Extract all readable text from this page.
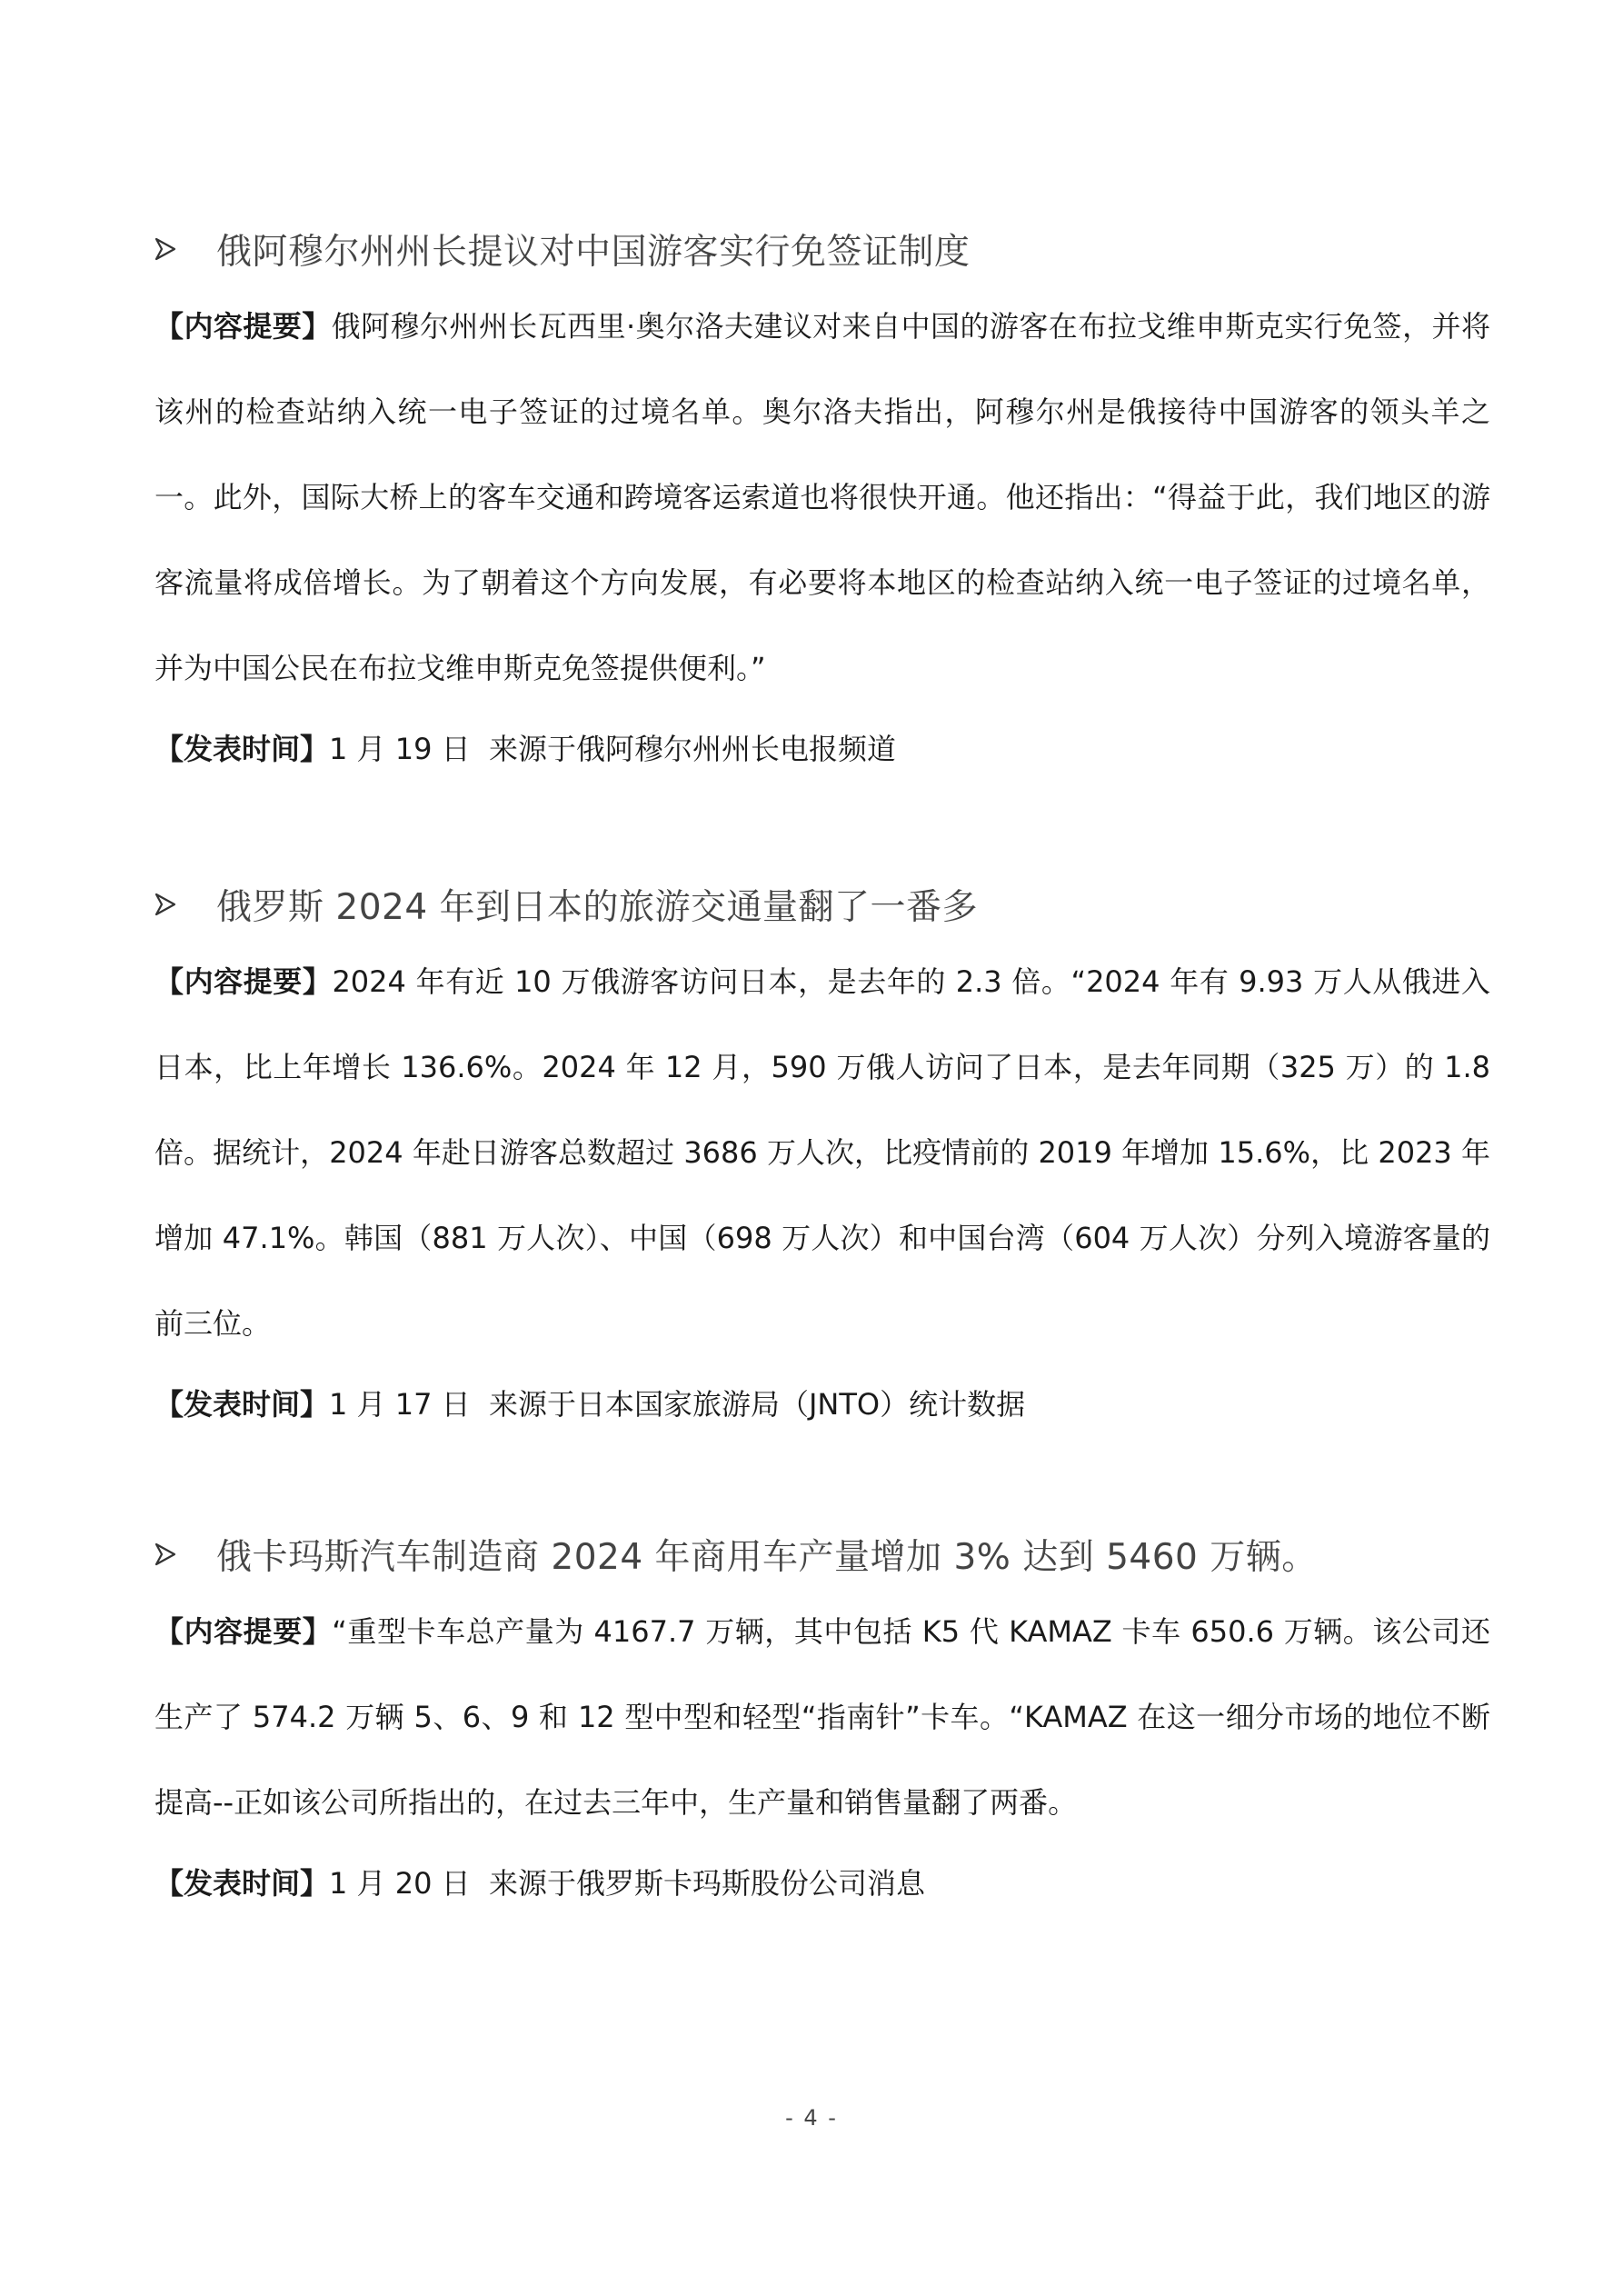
俄阿穆尔州州长提议对中国游客实行免签证制度
【内容提要】俄阿穆尔州州长瓦西里·奥尔洛夫建议对来自中国的游客在布拉戈维申斯克实行免签，并将该州的检查站纳入统一电子签证的过境名单。奥尔洛夫指出，阿穆尔州是俄接待中国游客的领头羊之一。此外，国际大桥上的客车交通和跨境客运索道也将很快开通。他还指出：“得益于此，我们地区的游客流量将成倍增长。为了朝着这个方向发展，有必要将本地区的检查站纳入统一电子签证的过境名单，并为中国公民在布拉戈维申斯克免签提供便利。”
【发表时间】1 月 19 日 来源于俄阿穆尔州州长电报频道
俄罗斯 2024 年到日本的旅游交通量翻了一番多
【内容提要】2024 年有近 10 万俄游客访问日本，是去年的 2.3 倍。“2024 年有 9.93 万人从俄进入日本，比上年增长 136.6%。2024 年 12 月，590 万俄人访问了日本，是去年同期（325 万）的 1.8 倍。据统计，2024 年赴日游客总数超过 3686 万人次，比疫情前的 2019 年增加 15.6%，比 2023 年增加 47.1%。韩国（881 万人次）、中国（698 万人次）和中国台湾（604 万人次）分列入境游客量的前三位。
【发表时间】1 月 17 日 来源于日本国家旅游局（JNTO）统计数据
俄卡玛斯汽车制造商 2024 年商用车产量增加 3% 达到 5460 万辆。
【内容提要】“重型卡车总产量为 4167.7 万辆，其中包括 K5 代 KAMAZ 卡车 650.6 万辆。该公司还生产了 574.2 万辆 5、6、9 和 12 型中型和轻型“指南针”卡车。“KAMAZ 在这一细分市场的地位不断提高--正如该公司所指出的，在过去三年中，生产量和销售量翻了两番。
【发表时间】1 月 20 日 来源于俄罗斯卡玛斯股份公司消息
- 4 -
